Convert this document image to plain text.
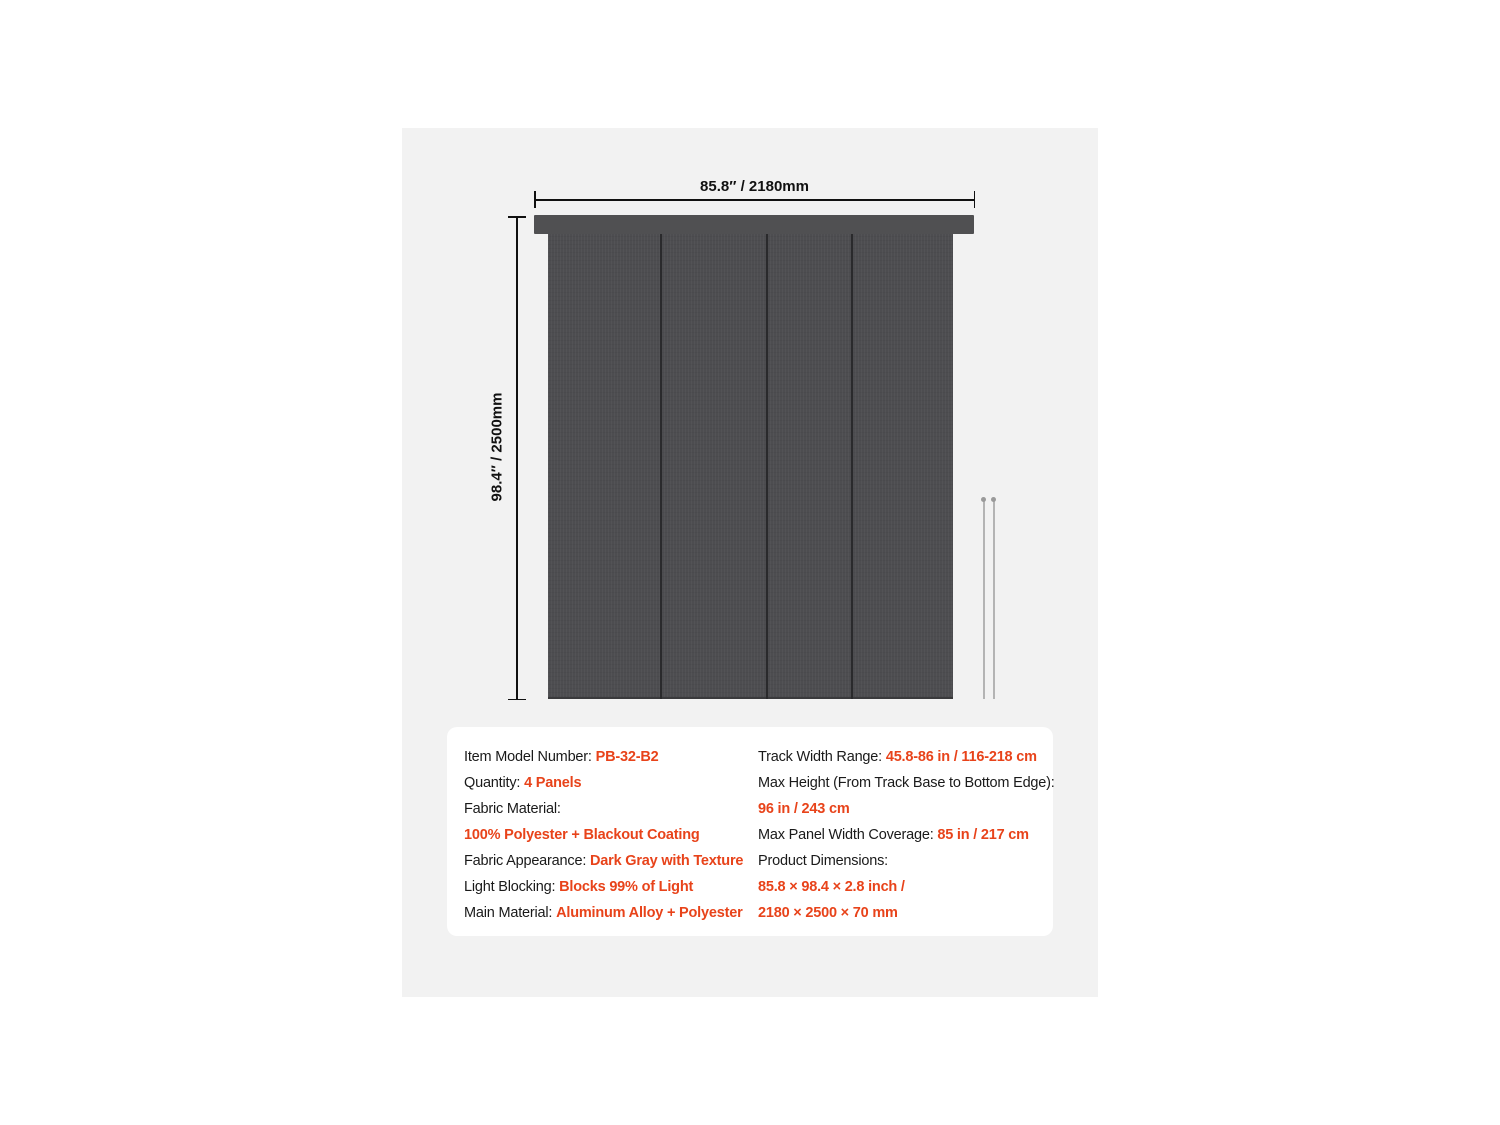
85.8″ / 2180mm
98.4″ / 2500mm
Item Model Number: PB-32-B2
Quantity: 4 Panels
Fabric Material:
100% Polyester + Blackout Coating
Fabric Appearance: Dark Gray with Texture
Light Blocking: Blocks 99% of Light
Main Material: Aluminum Alloy + Polyester
Track Width Range: 45.8-86 in / 116-218 cm
Max Height (From Track Base to Bottom Edge):
96 in / 243 cm
Max Panel Width Coverage: 85 in / 217 cm
Product Dimensions:
85.8 × 98.4 × 2.8 inch /
2180 × 2500 × 70 mm
